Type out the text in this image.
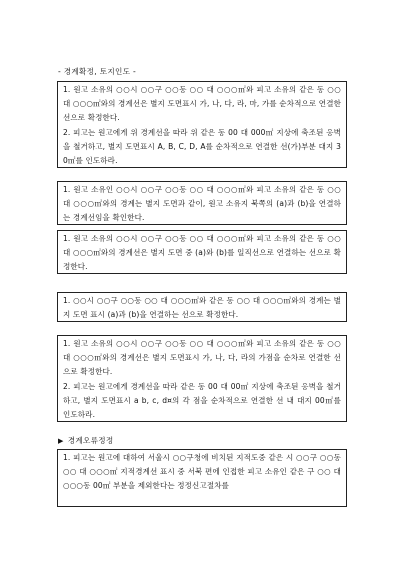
- 경계확정, 토지인도 -

1. 원고 소유의 ○○시 ○○구 ○○동 ○○ 대 ○○○㎡와 피고 소유의 같은 동 ○○ 대 ○○○㎡와의 경계선은 별지 도면표시 가, 나, 다, 라, 마, 가를 순차적으로 연결한 선으로 확정한다.

2. 피고는 원고에게 위 경계선을 따라 위 같은 동 00 대 000㎡ 지상에 축조된 옹벽을 철거하고, 별지 도면표시 A, B, C, D, A를 순차적으로 연결한 선(가)부분 대지 30㎡를 인도하라.

1. 원고 소유인 ○○시 ○○구 ○○동 ○○ 대 ○○○㎡와 피고 소유의 같은 동 ○○ 대 ○○○㎡와의 경계는 별지 도면과 같이, 원고 소유지 북쪽의 (a)과 (b)을 연결하는 경계선임을 확인한다.

1. 원고 소유의 ○○시 ○○구 ○○동 ○○ 대 ○○○㎡와 피고 소유의 같은 동 ○○ 대 ○○○㎡와의 경계선은 별지 도면 중 (a)와 (b)를 일직선으로 연결하는 선으로 확정한다.

1. ○○시 ○○구 ○○동 ○○ 대 ○○○㎡와 같은 동 ○○ 대 ○○○㎡와의 경계는 별지 도면 표시 (a)과 (b)을 연결하는 선으로 확정한다.

1. 원고 소유의 ○○시 ○○구 ○○동 ○○ 대 ○○○㎡와 피고 소유의 같은 동 ○○ 대 ○○○㎡와의 경계선은 별지 도면표시 가, 나, 다, 라의 가점을 순차로 연결한 선으로 확정한다.

2. 피고는 원고에게 경계선을 따라 같은 동 00 대 00㎡ 지상에 축조된 옹벽을 철거하고, 별지 도면표시 a b, c, d¤의 각 점을 순차적으로 연결한 선 내 대지 00㎡를 인도하라.

▶ 경계오류정정

1. 피고는 원고에 대하여 서울시 ○○구청에 비치된 지적도중 같은 시 ○○구 ○○동 ○○ 대 ○○○㎡ 지적경계선 표시 중 서북 편에 인접한 피고 소유인 같은 구 ○○ 대 ○○○동 00㎡ 부분을 제외한다는 정정신고절차를
